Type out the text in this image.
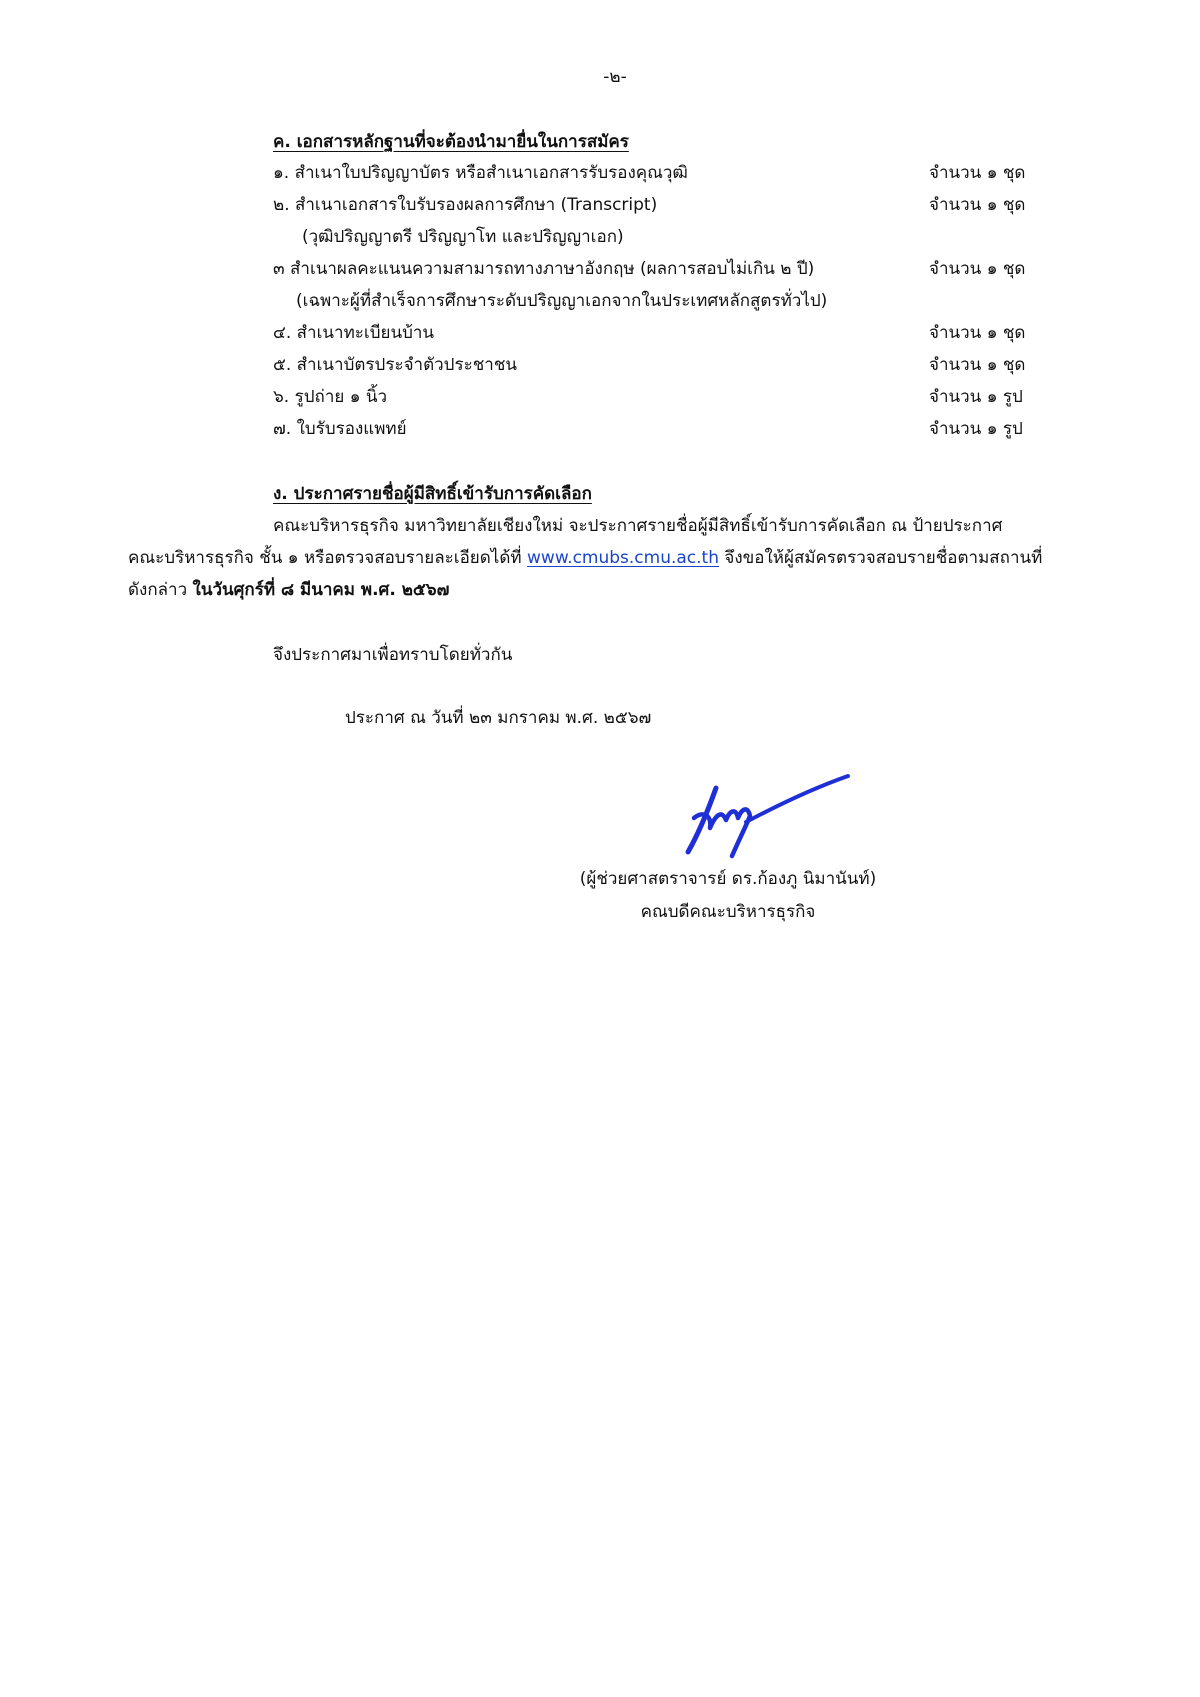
-๒-
ค. เอกสารหลักฐานที่จะต้องนำมายื่นในการสมัคร
๑. สำเนาใบปริญญาบัตร หรือสำเนาเอกสารรับรองคุณวุฒิ	จำนวน ๑ ชุด
๒. สำเนาเอกสารใบรับรองผลการศึกษา (Transcript)	จำนวน ๑ ชุด
(วุฒิปริญญาตรี ปริญญาโท และปริญญาเอก)
๓ สำเนาผลคะแนนความสามารถทางภาษาอังกฤษ (ผลการสอบไม่เกิน ๒ ปี)	จำนวน ๑ ชุด
(เฉพาะผู้ที่สำเร็จการศึกษาระดับปริญญาเอกจากในประเทศหลักสูตรทั่วไป)
๔. สำเนาทะเบียนบ้าน	จำนวน ๑ ชุด
๕. สำเนาบัตรประจำตัวประชาชน	จำนวน ๑ ชุด
๖. รูปถ่าย ๑ นิ้ว	จำนวน ๑ รูป
๗. ใบรับรองแพทย์	จำนวน ๑ รูป
ง. ประกาศรายชื่อผู้มีสิทธิ์เข้ารับการคัดเลือก
คณะบริหารธุรกิจ มหาวิทยาลัยเชียงใหม่ จะประกาศรายชื่อผู้มีสิทธิ์เข้ารับการคัดเลือก ณ ป้ายประกาศ
คณะบริหารธุรกิจ ชั้น ๑ หรือตรวจสอบรายละเอียดได้ที่ www.cmubs.cmu.ac.th จึงขอให้ผู้สมัครตรวจสอบรายชื่อตามสถานที่
ดังกล่าว ในวันศุกร์ที่ ๘ มีนาคม พ.ศ. ๒๕๖๗
จึงประกาศมาเพื่อทราบโดยทั่วกัน
ประกาศ ณ วันที่ ๒๓ มกราคม พ.ศ. ๒๕๖๗
(ผู้ช่วยศาสตราจารย์ ดร.ก้องภู นิมานันท์)
คณบดีคณะบริหารธุรกิจ
